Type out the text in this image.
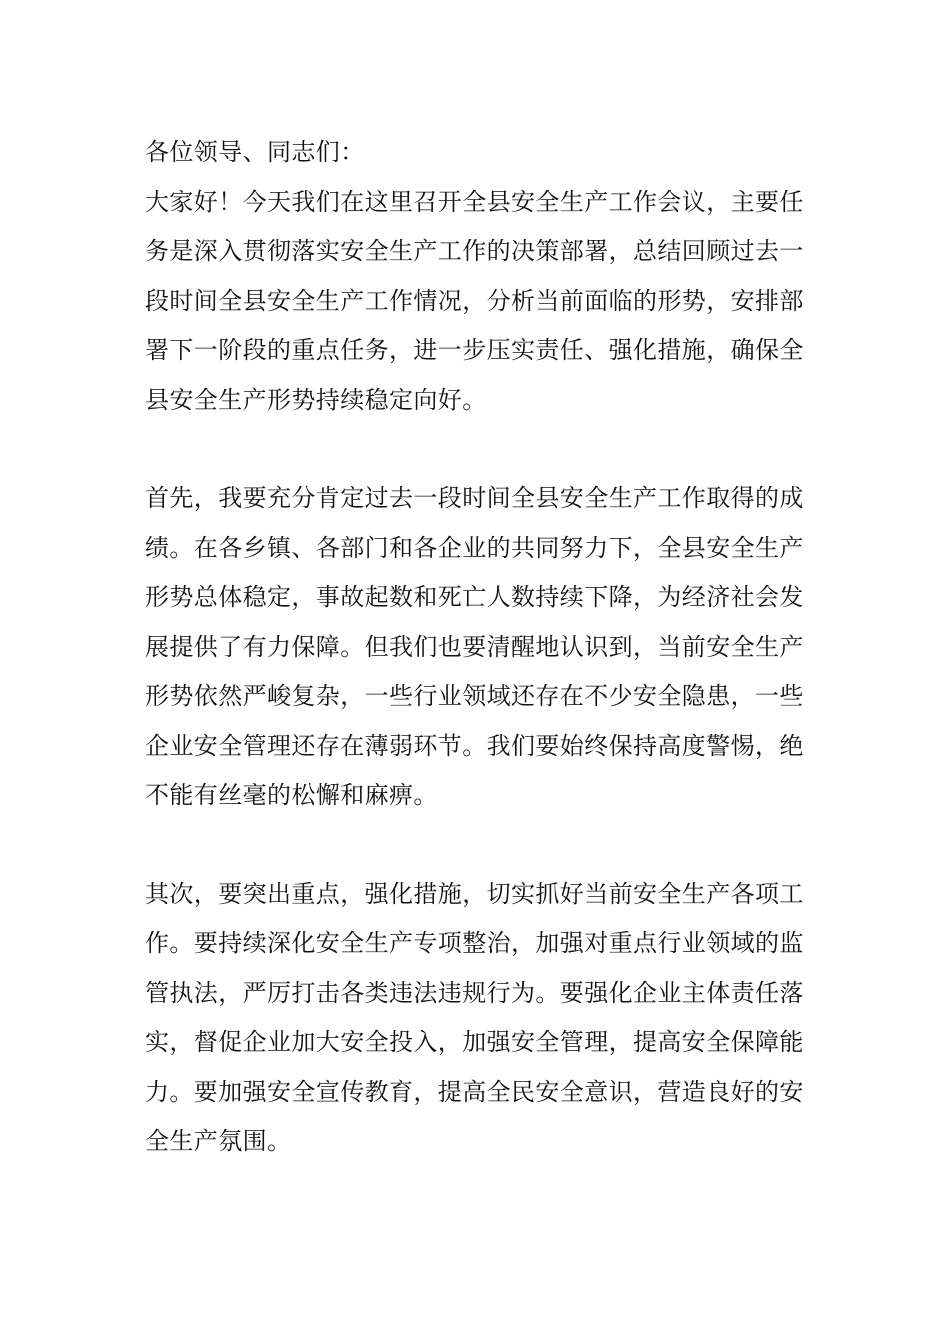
各位领导、同志们：
大家好！今天我们在这里召开全县安全生产工作会议，主要任
务是深入贯彻落实安全生产工作的决策部署，总结回顾过去一
段时间全县安全生产工作情况，分析当前面临的形势，安排部
署下一阶段的重点任务，进一步压实责任、强化措施，确保全
县安全生产形势持续稳定向好。
首先，我要充分肯定过去一段时间全县安全生产工作取得的成
绩。在各乡镇、各部门和各企业的共同努力下，全县安全生产
形势总体稳定，事故起数和死亡人数持续下降，为经济社会发
展提供了有力保障。但我们也要清醒地认识到，当前安全生产
形势依然严峻复杂，一些行业领域还存在不少安全隐患，一些
企业安全管理还存在薄弱环节。我们要始终保持高度警惕，绝
不能有丝毫的松懈和麻痹。
其次，要突出重点，强化措施，切实抓好当前安全生产各项工
作。要持续深化安全生产专项整治，加强对重点行业领域的监
管执法，严厉打击各类违法违规行为。要强化企业主体责任落
实，督促企业加大安全投入，加强安全管理，提高安全保障能
力。要加强安全宣传教育，提高全民安全意识，营造良好的安
全生产氛围。
